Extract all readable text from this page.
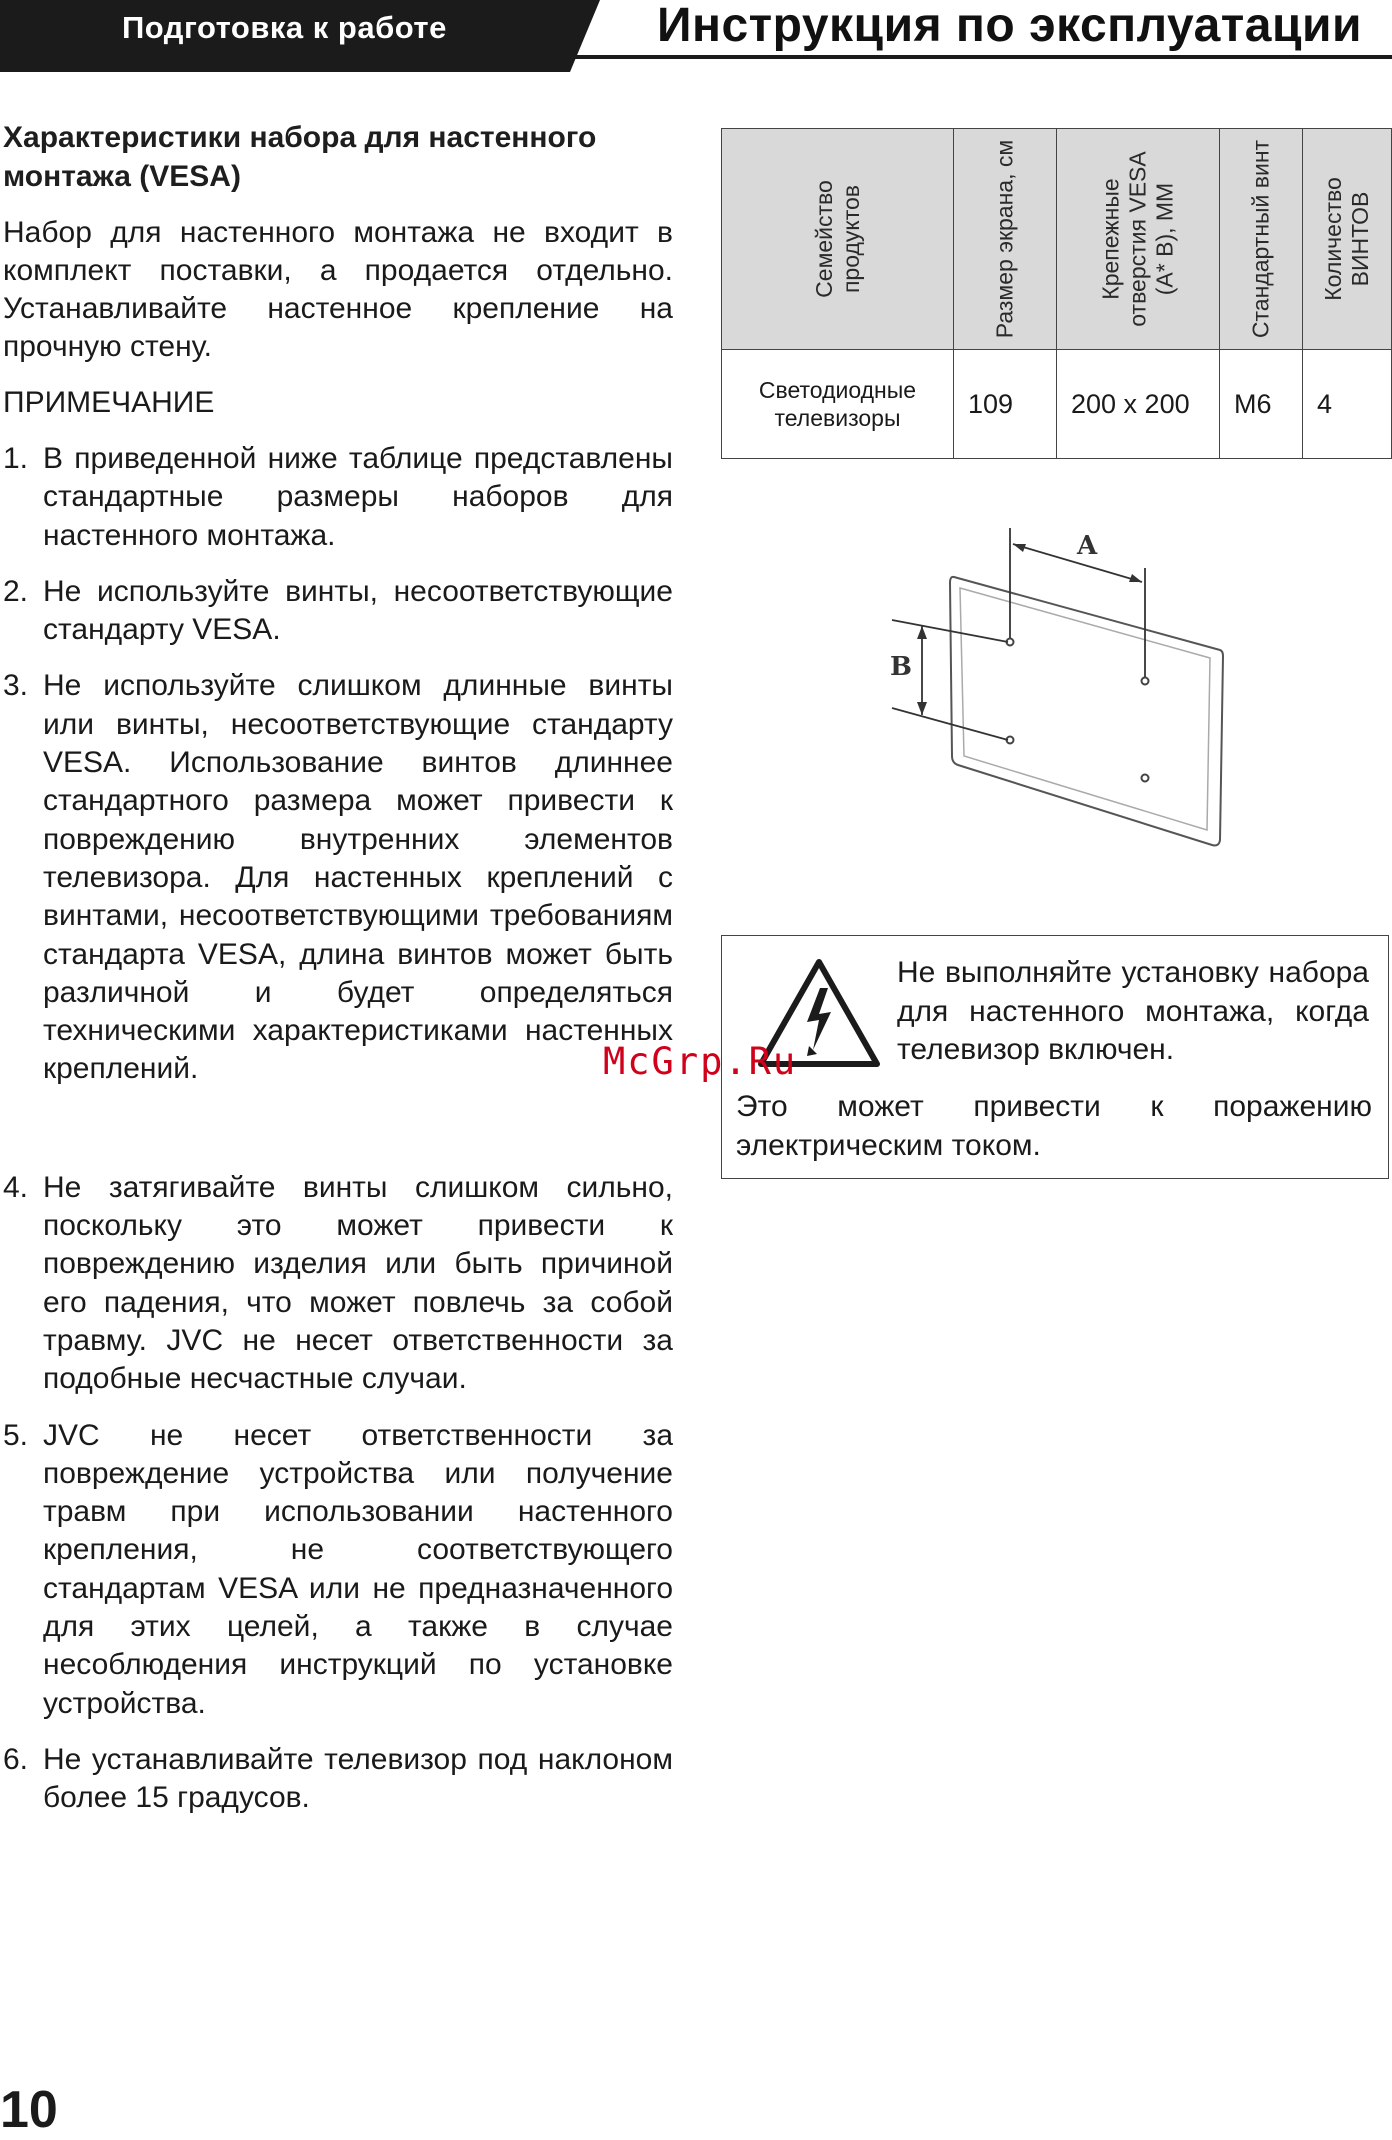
Подготовка к работе	Инструкция по эксплуатации
Характеристики набора для настенного монтажа (VESA)
Набор для настенного монтажа не входит в комплект поставки, а продается отдельно. Устанавливайте настенное крепление на прочную стену.
ПРИМЕЧАНИЕ
1. В приведенной ниже таблице представлены стандартные размеры наборов для настенного монтажа.
2. Не используйте винты, несоответствующие стандарту VESA.
3. Не используйте слишком длинные винты или винты, несоответствующие стандарту VESA. Использование винтов длиннее стандартного размера может привести к повреждению внутренних элементов телевизора. Для настенных креплений с винтами, несоответствующими требованиям стандарта VESA, длина винтов может быть различной и будет определяться техническими характеристиками настенных креплений.
4. Не затягивайте винты слишком сильно, поскольку это может привести к повреждению изделия или быть причиной его падения, что может повлечь за собой травму. JVC не несет ответственности за подобные несчастные случаи.
5. JVC не несет ответственности за повреждение устройства или получение травм при использовании настенного крепления, не соответствующего стандартам VESA или не предназначенного для этих целей, а также в случае несоблюдения инструкций по установке устройства.
6. Не устанавливайте телевизор под наклоном более 15 градусов.
Семейство продуктов	Размер экрана, см	Крепежные отверстия VESA (A* B), ММ	Стандартный винт	Количество ВИНТОВ

Светодиодные телевизоры	109	200 x 200	M6	4
A
B
Не выполняйте установку набора для настенного монтажа, когда телевизор включен.
Это может привести к поражению электрическим током.
McGrp.Ru
10
